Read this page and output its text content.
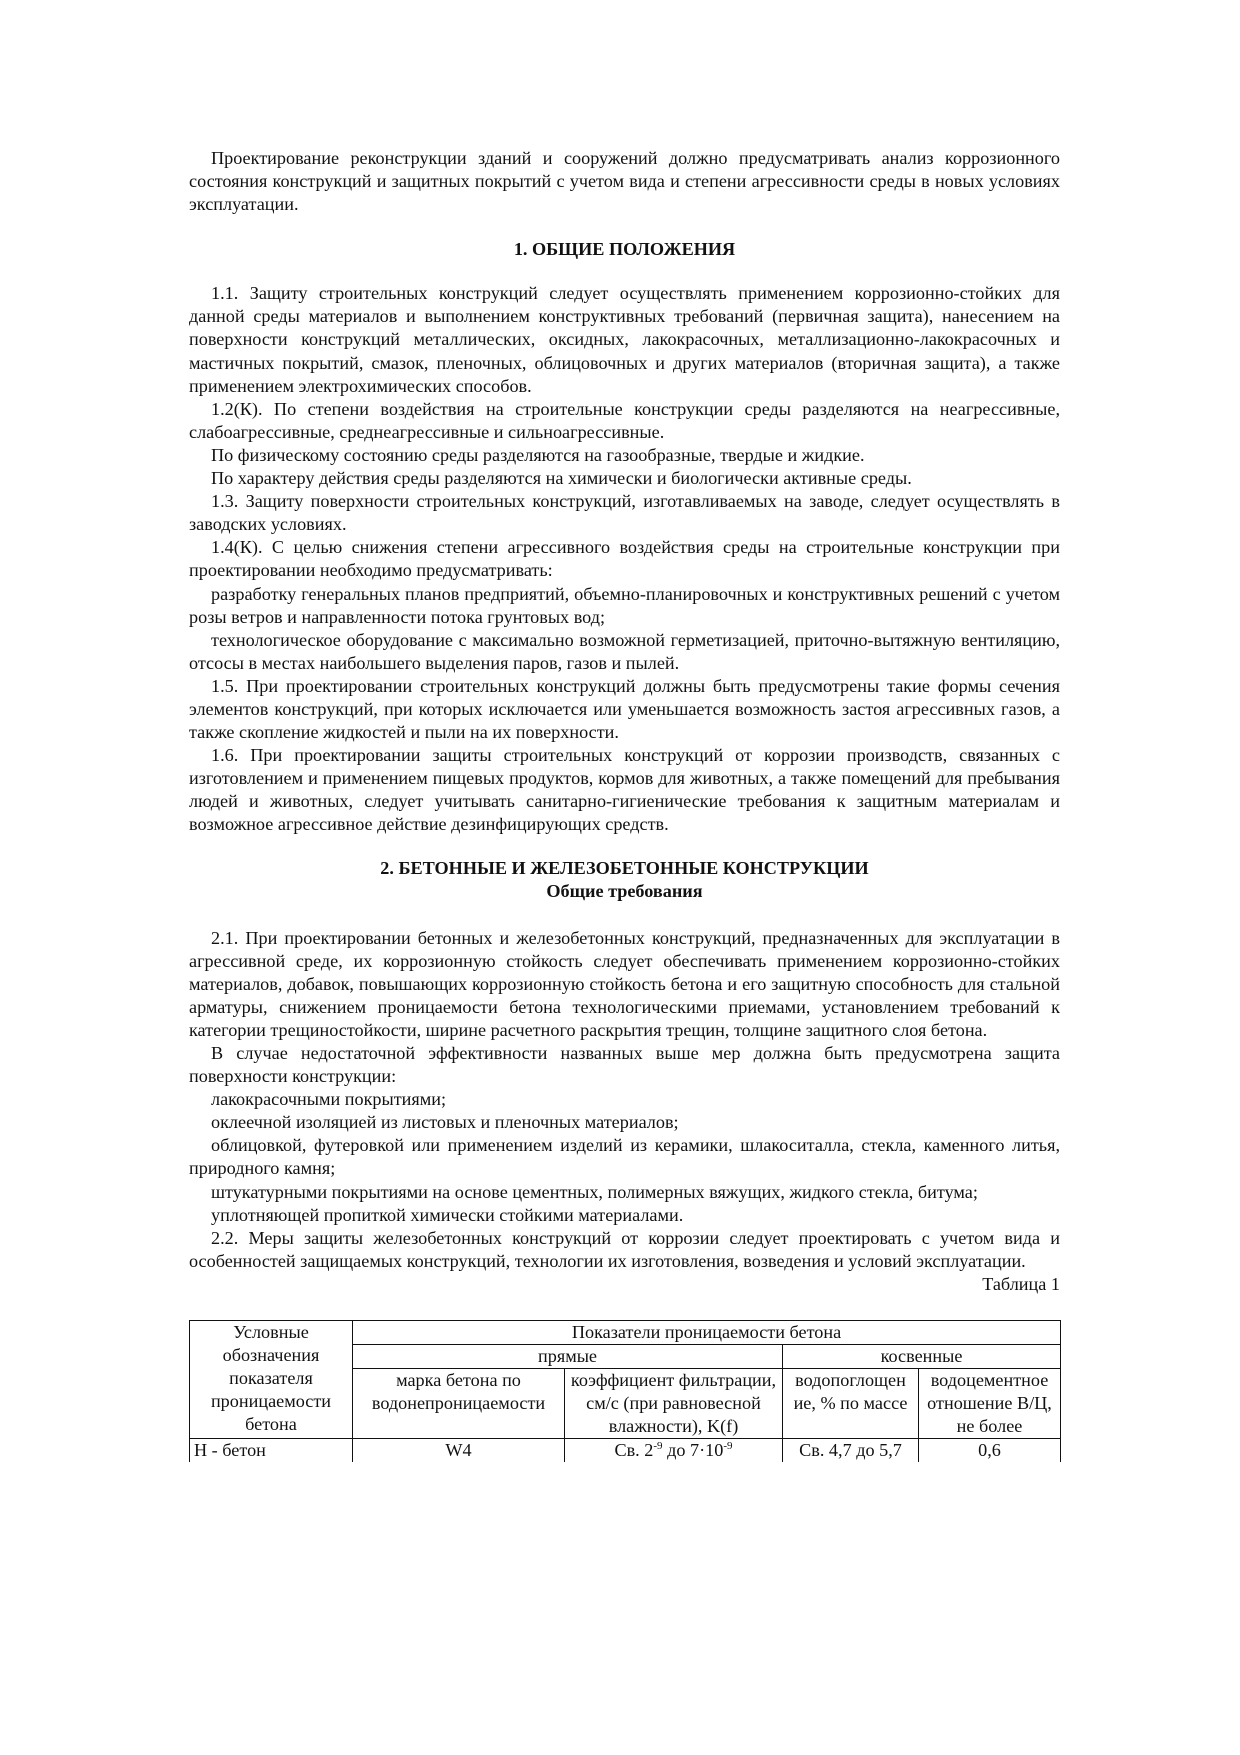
Проектирование реконструкции зданий и сооружений должно предусматривать анализ коррозионного состояния конструкций и защитных покрытий с учетом вида и степени агрессивности среды в новых условиях эксплуатации.

1. ОБЩИЕ ПОЛОЖЕНИЯ

1.1. Защиту строительных конструкций следует осуществлять применением коррозионно-стойких для данной среды материалов и выполнением конструктивных требований (первичная защита), нанесением на поверхности конструкций металлических, оксидных, лакокрасочных, металлизационно-лакокрасочных и мастичных покрытий, смазок, пленочных, облицовочных и других материалов (вторичная защита), а также применением электрохимических способов.

1.2(К). По степени воздействия на строительные конструкции среды разделяются на неагрессивные, слабоагрессивные, среднеагрессивные и сильноагрессивные.

По физическому состоянию среды разделяются на газообразные, твердые и жидкие.

По характеру действия среды разделяются на химически и биологически активные среды.

1.3. Защиту поверхности строительных конструкций, изготавливаемых на заводе, следует осуществлять в заводских условиях.

1.4(К). С целью снижения степени агрессивного воздействия среды на строительные конструкции при проектировании необходимо предусматривать:

разработку генеральных планов предприятий, объемно-планировочных и конструктивных решений с учетом розы ветров и направленности потока грунтовых вод;

технологическое оборудование с максимально возможной герметизацией, приточно-вытяжную вентиляцию, отсосы в местах наибольшего выделения паров, газов и пылей.

1.5. При проектировании строительных конструкций должны быть предусмотрены такие формы сечения элементов конструкций, при которых исключается или уменьшается возможность застоя агрессивных газов, а также скопление жидкостей и пыли на их поверхности.

1.6. При проектировании защиты строительных конструкций от коррозии производств, связанных с изготовлением и применением пищевых продуктов, кормов для животных, а также помещений для пребывания людей и животных, следует учитывать санитарно-гигиенические требования к защитным материалам и возможное агрессивное действие дезинфицирующих средств.

2. БЕТОННЫЕ И ЖЕЛЕЗОБЕТОННЫЕ КОНСТРУКЦИИ
Общие требования

2.1. При проектировании бетонных и железобетонных конструкций, предназначенных для эксплуатации в агрессивной среде, их коррозионную стойкость следует обеспечивать применением коррозионно-стойких материалов, добавок, повышающих коррозионную стойкость бетона и его защитную способность для стальной арматуры, снижением проницаемости бетона технологическими приемами, установлением требований к категории трещиностойкости, ширине расчетного раскрытия трещин, толщине защитного слоя бетона.

В случае недостаточной эффективности названных выше мер должна быть предусмотрена защита поверхности конструкции:

лакокрасочными покрытиями;

оклеечной изоляцией из листовых и пленочных материалов;

облицовкой, футеровкой или применением изделий из керамики, шлакоситалла, стекла, каменного литья, природного камня;

штукатурными покрытиями на основе цементных, полимерных вяжущих, жидкого стекла, битума;

уплотняющей пропиткой химически стойкими материалами.

2.2. Меры защиты железобетонных конструкций от коррозии следует проектировать с учетом вида и особенностей защищаемых конструкций, технологии их изготовления, возведения и условий эксплуатации.

Таблица 1

Условные обозначения показателя проницаемости бетона	Показатели проницаемости бетона			
	прямые		косвенные	
	марка бетона по водонепроницаемости	коэффициент фильтрации, см/с (при равновесной влажности), K(f)	водопоглощен ие, % по массе	водоцементное отношение В/Ц, не более
Н - бетон	W4	Св. $2^{-9}$ до $7\cdot 10^{-9}$	Св. 4,7 до 5,7	0,6
